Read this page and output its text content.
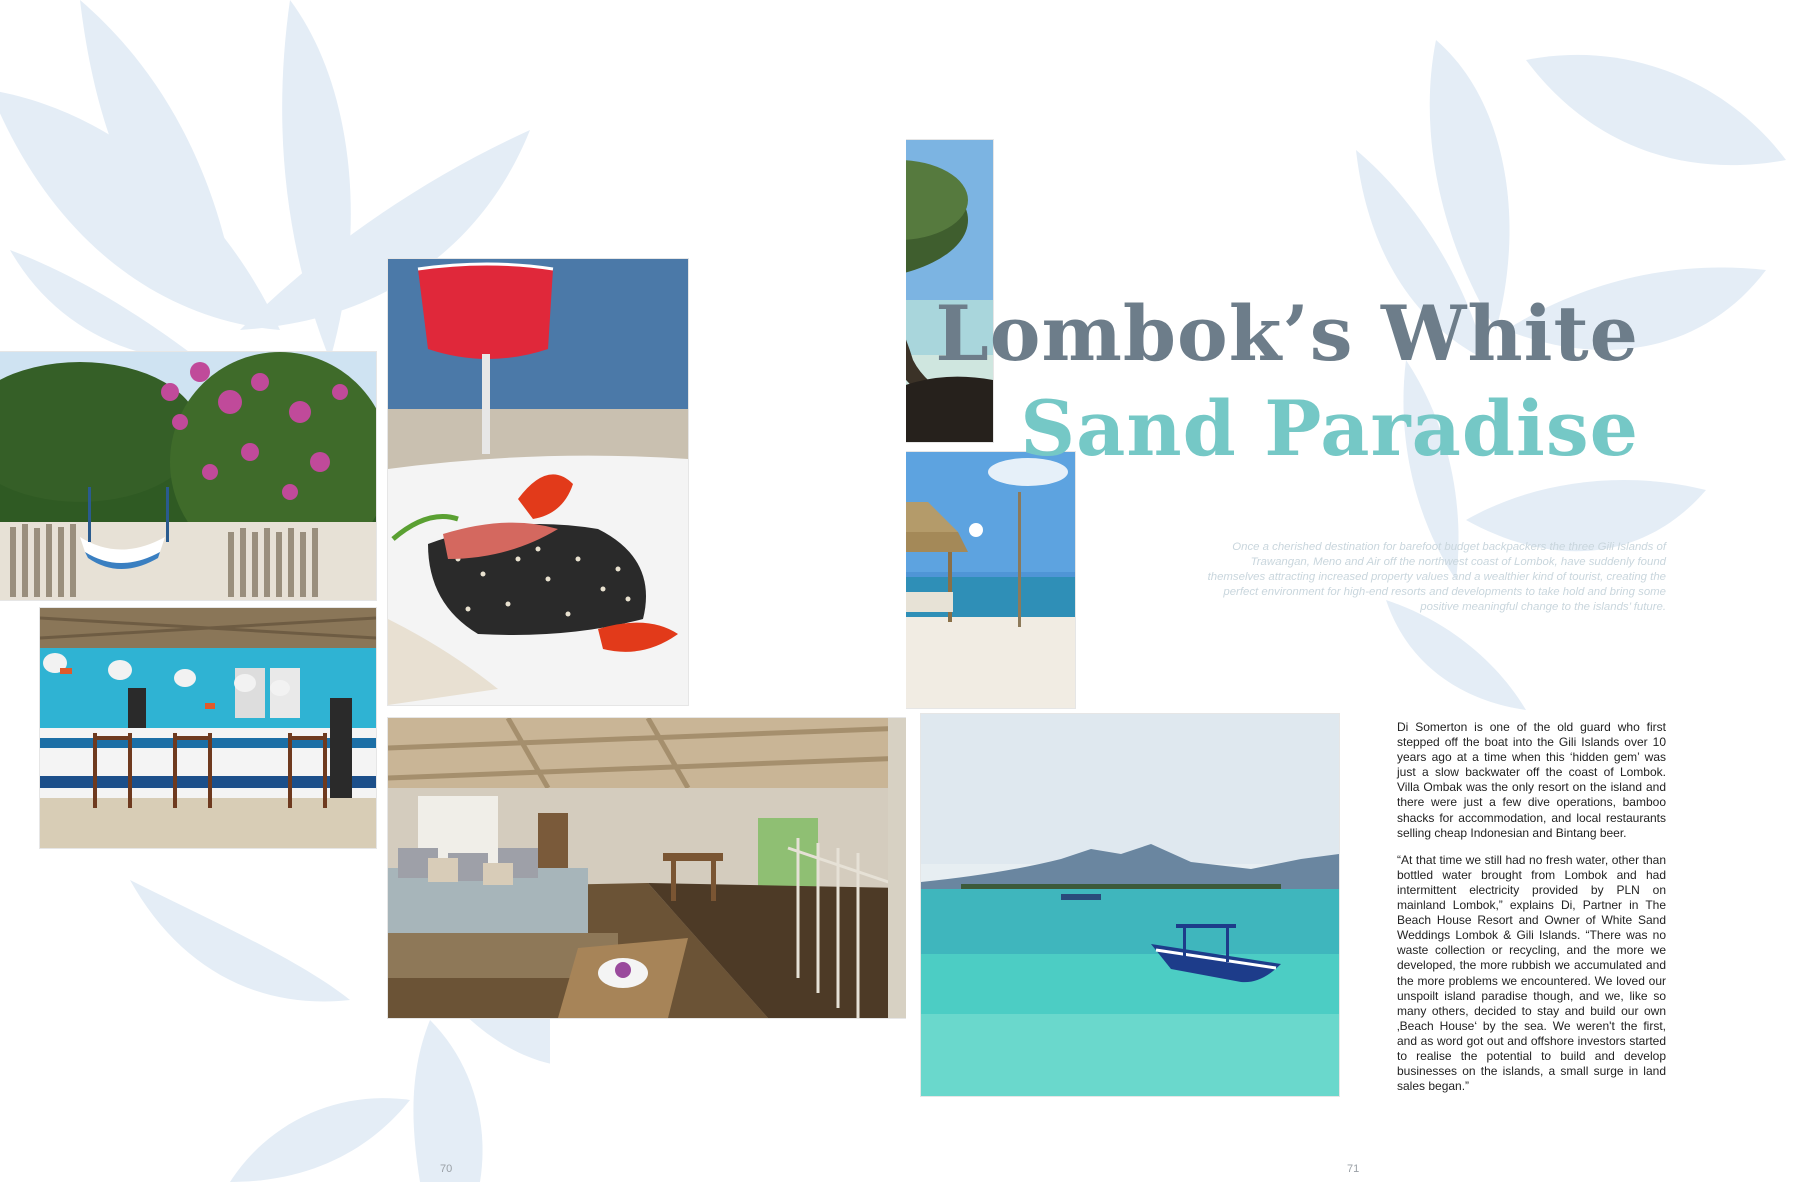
70
Lombok’s White
Sand Paradise
71
Once a cherished destination for barefoot budget backpackers the three Gili Islands of Trawangan, Meno and Air off the northwest coast of Lombok, have suddenly found themselves attracting increased property values and a wealthier kind of tourist, creating the perfect environment for high-end resorts and developments to take hold and bring some positive meaningful change to the islands’ future.

Di Somerton is one of the old guard who first stepped off the boat into the Gili Islands over 10 years ago at a time when this ‘hidden gem’ was just a slow backwater off the coast of Lombok. Villa Ombak was the only resort on the island and there were just a few dive operations, bamboo shacks for accommodation, and local restaurants selling cheap Indonesian and Bintang beer.

“At that time we still had no fresh water, other than bottled water brought from Lombok and had intermittent electricity provided by PLN on mainland Lombok,” explains Di, Partner in The Beach House Resort and Owner of White Sand Weddings Lombok & Gili Islands. “There was no waste collection or recycling, and the more we developed, the more rubbish we accumulated and the more problems we encountered. We loved our unspoilt island paradise though, and we, like so many others, decided to stay and build our own ‚Beach House‘ by the sea. We weren't the first, and as word got out and offshore investors started to realise the potential to build and develop businesses on the islands, a small surge in land sales began.”
